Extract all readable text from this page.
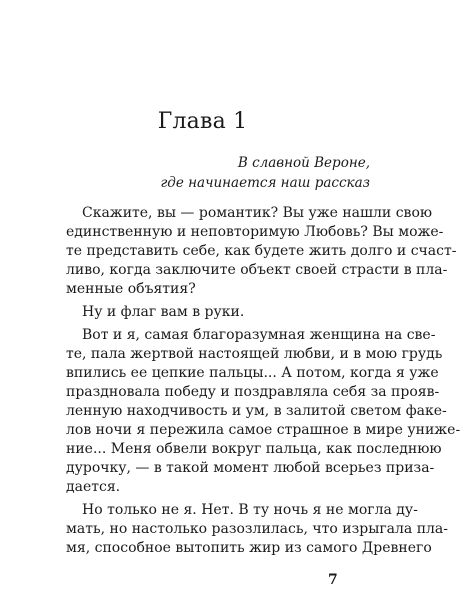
Глава 1
В славной Вероне,
где начинается наш рассказ
Скажите, вы — романтик? Вы уже нашли свою
единственную и неповторимую Любовь? Вы може-
те представить себе, как будете жить долго и счаст-
ливо, когда заключите объект своей страсти в пла-
менные объятия?
Ну и флаг вам в руки.
Вот и я, самая благоразумная женщина на све-
те, пала жертвой настоящей любви, и в мою грудь
впились ее цепкие пальцы... А потом, когда я уже
праздновала победу и поздравляла себя за прояв-
ленную находчивость и ум, в залитой светом факе-
лов ночи я пережила самое страшное в мире униже-
ние... Меня обвели вокруг пальца, как последнюю
дурочку, — в такой момент любой всерьез призa-
дается.
Но только не я. Нет. В ту ночь я не могла ду-
мать, но настолько разозлилась, что изрыгала пла-
мя, способное вытопить жир из самого Древнего
7
